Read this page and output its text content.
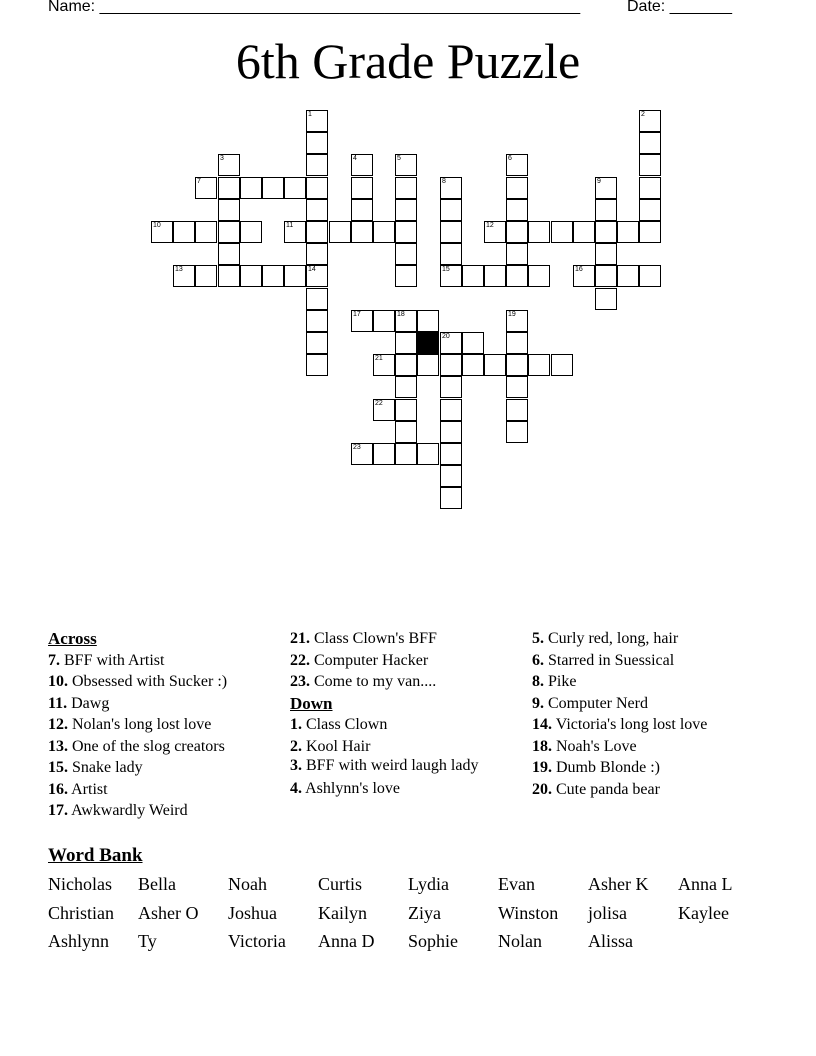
Name: ______________________________________________________	Date: _______
6th Grade Puzzle
1	2
3	4	5	6
7	8	9
10	11	12
13	14	15	16
17	18	19
20
21
22
23
Across
7. BFF with Artist
10. Obsessed with Sucker :)
11. Dawg
12. Nolan's long lost love
13. One of the slog creators
15. Snake lady
16. Artist
17. Awkwardly Weird
21. Class Clown's BFF
22. Computer Hacker
23. Come to my van....
Down
1. Class Clown
2. Kool Hair
3. BFF with weird laugh lady
4. Ashlynn's love
5. Curly red, long, hair
6. Starred in Suessical
8. Pike
9. Computer Nerd
14. Victoria's long lost love
18. Noah's Love
19. Dumb Blonde :)
20. Cute panda bear
Word Bank
Nicholas	Bella	Noah	Curtis	Lydia	Evan	Asher K	Anna L
Christian	Asher O	Joshua	Kailyn	Ziya	Winston	jolisa	Kaylee
Ashlynn	Ty	Victoria	Anna D	Sophie	Nolan	Alissa
